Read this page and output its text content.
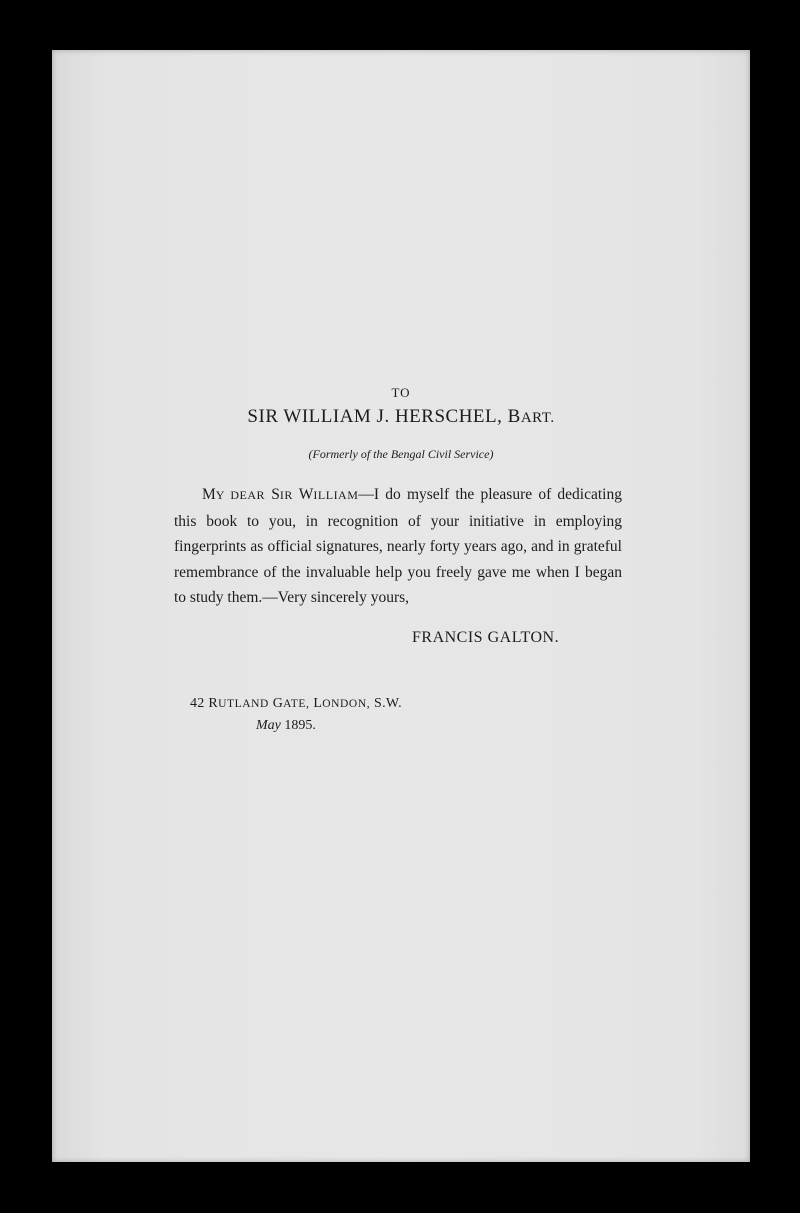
TO
SIR WILLIAM J. HERSCHEL, BART.
(Formerly of the Bengal Civil Service)
MY DEAR SIR WILLIAM—I do myself the pleasure of dedicating this book to you, in recognition of your initiative in employing fingerprints as official signatures, nearly forty years ago, and in grateful remembrance of the invaluable help you freely gave me when I began to study them.—Very sincerely yours,
FRANCIS GALTON.
42 RUTLAND GATE, LONDON, S.W.
May 1895.
